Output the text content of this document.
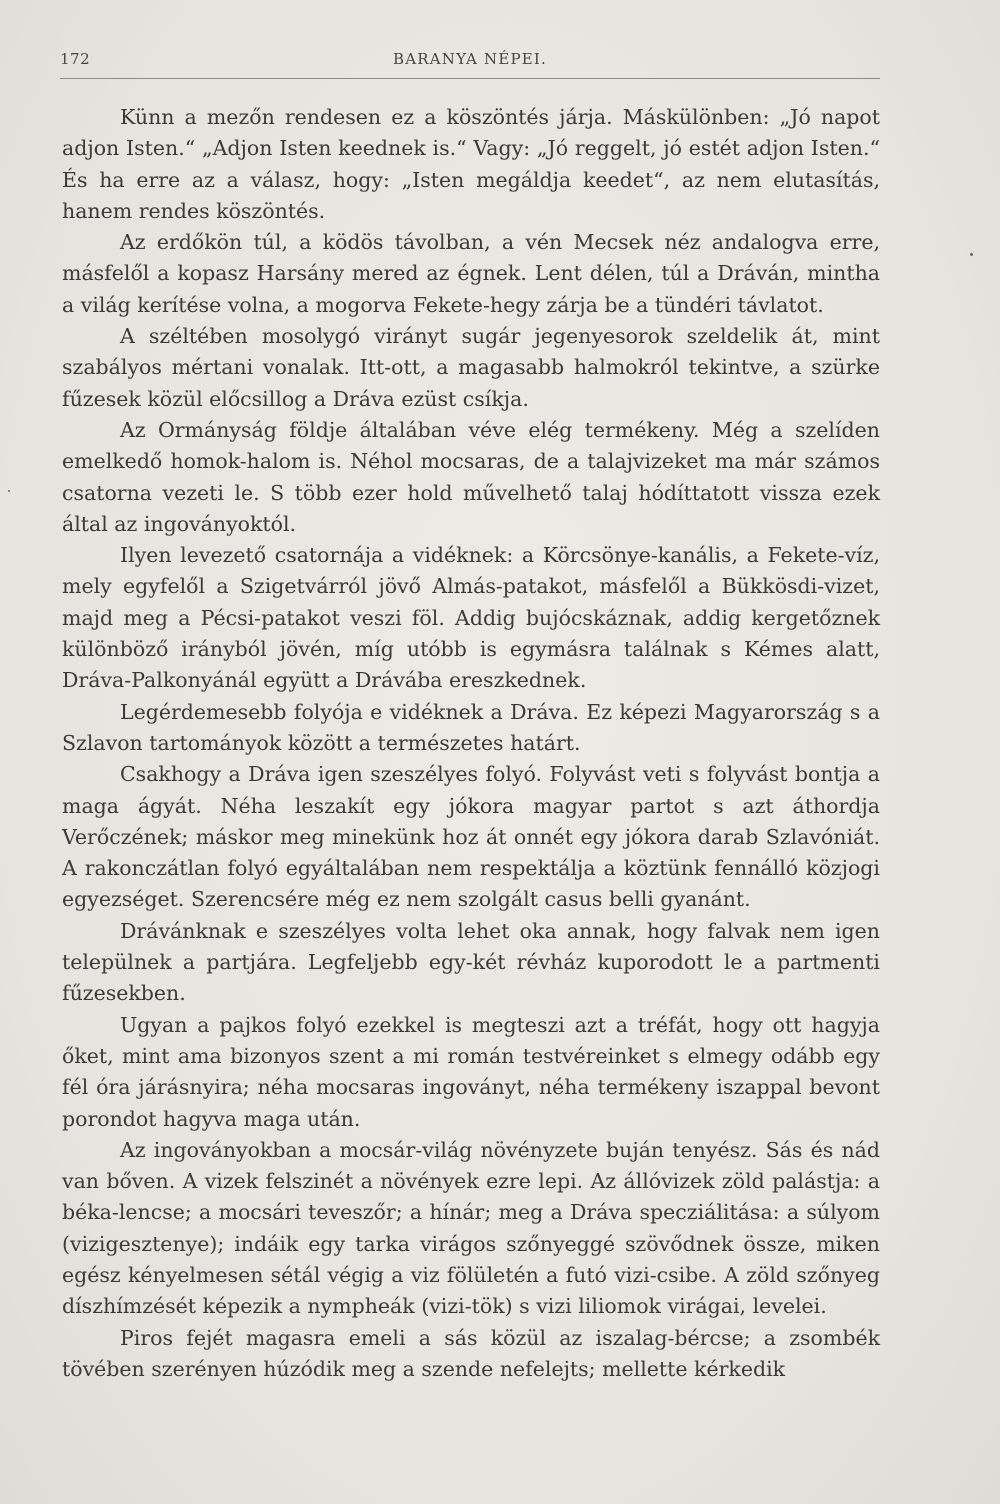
172	BARANYA NÉPEI.

Künn a mezőn rendesen ez a köszöntés járja. Máskülönben: „Jó napot adjon Isten.“ „Adjon Isten keednek is.“ Vagy: „Jó reggelt, jó estét adjon Isten.“ És ha erre az a válasz, hogy: „Isten megáldja keedet“, az nem elutasítás, hanem rendes köszöntés.

Az erdőkön túl, a ködös távolban, a vén Mecsek néz andalogva erre, másfelől a kopasz Harsány mered az égnek. Lent délen, túl a Dráván, mintha a világ kerítése volna, a mogorva Fekete-hegy zárja be a tündéri távlatot.

A széltében mosolygó virányt sugár jegenyesorok szeldelik át, mint szabályos mértani vonalak. Itt-ott, a magasabb halmokról tekintve, a szürke fűzesek közül előcsillog a Dráva ezüst csíkja.

Az Ormányság földje általában véve elég termékeny. Még a szelíden emelkedő homok-halom is. Néhol mocsaras, de a talajvizeket ma már számos csatorna vezeti le. S több ezer hold művelhető talaj hódíttatott vissza ezek által az ingoványoktól.

Ilyen levezető csatornája a vidéknek: a Körcsönye-kanális, a Fekete-víz, mely egyfelől a Szigetvárról jövő Almás-patakot, másfelől a Bükkösdi-vizet, majd meg a Pécsi-patakot veszi föl. Addig bujócskáznak, addig kergetőznek különböző irányból jövén, míg utóbb is egymásra találnak s Kémes alatt, Dráva-Palkonyánál együtt a Drávába ereszkednek.

Legérdemesebb folyója e vidéknek a Dráva. Ez képezi Magyarország s a Szlavon tartományok között a természetes határt.

Csakhogy a Dráva igen szeszélyes folyó. Folyvást veti s folyvást bontja a maga ágyát. Néha leszakít egy jókora magyar partot s azt áthordja Verőczének; máskor meg minekünk hoz át onnét egy jókora darab Szlavóniát. A rakonczátlan folyó egyáltalában nem respektálja a köztünk fennálló közjogi egyezséget. Szerencsére még ez nem szolgált casus belli gyanánt.

Drávánknak e szeszélyes volta lehet oka annak, hogy falvak nem igen települnek a partjára. Legfeljebb egy-két révház kuporodott le a partmenti fűzesekben.

Ugyan a pajkos folyó ezekkel is megteszi azt a tréfát, hogy ott hagyja őket, mint ama bizonyos szent a mi román testvéreinket s elmegy odább egy fél óra járásnyira; néha mocsaras ingoványt, néha termékeny iszappal bevont porondot hagyva maga után.

Az ingoványokban a mocsár-világ növényzete buján tenyész. Sás és nád van bőven. A vizek felszinét a növények ezre lepi. Az állóvizek zöld palástja: a béka-lencse; a mocsári teveszőr; a hínár; meg a Dráva specziálitása: a súlyom (vizigesztenye); indáik egy tarka virágos szőnyeggé szövődnek össze, miken egész kényelmesen sétál végig a viz fölületén a futó vizi-csibe. A zöld szőnyeg díszhímzését képezik a nympheák (vizi-tök) s vizi liliomok virágai, levelei.

Piros fejét magasra emeli a sás közül az iszalag-bércse; a zsombék tövében szerényen húzódik meg a szende nefelejts; mellette kérkedik
